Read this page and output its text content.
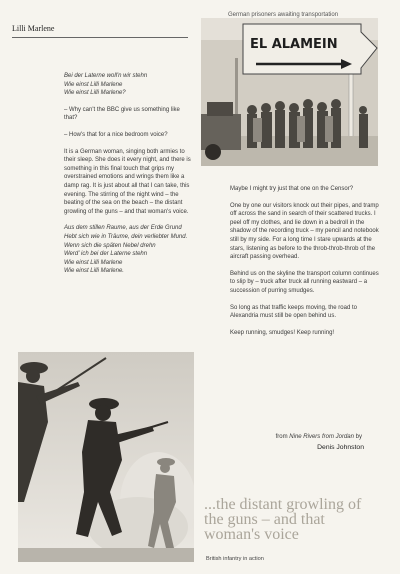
German prisoners awaiting transportation
Lilli Marlene
EL ALAMEIN

Bei der Laterne woll'n wir stehn
Wie einst Lilli Marlene
Wie einst Lilli Marlene?

– Why can't the BBC give us something like that?

– How's that for a nice bedroom voice?

It is a German woman, singing both armies to their sleep. She does it every night, and there is something in this final touch that grips my overstrained emotions and wrings them like a damp rag. It is just about all that I can take, this evening. The stirring of the night wind – the beating of the sea on the beach – the distant growling of the guns – and that woman's voice.

Aus dem stillen Raume, aus der Erde Grund
Hebt sich wie in Träume, dein verliebter Mund.
Wenn sich die späten Nebel drehn
Werd' ich bei der Laterne stehn
Wie einst Lilli Marlene
Wie einst Lilli Marlene.

Maybe I might try just that one on the Censor?

One by one our visitors knock out their pipes, and tramp off across the sand in search of their scattered trucks. I peel off my clothes, and lie down in a bedroll in the shadow of the recording truck – my pencil and notebook still by my side. For a long time I stare upwards at the stars, listening as before to the throb-throb-throb of the aircraft passing overhead.

Behind us on the skyline the transport column continues to slip by – truck after truck all running eastward – a succession of purring smudges.

So long as that traffic keeps moving, the road to Alexandria must still be open behind us.

Keep running, smudges! Keep running!

from Nine Rivers from Jordan by
Denis Johnston
...the distant growling of the guns – and that woman's voice
British infantry in action
